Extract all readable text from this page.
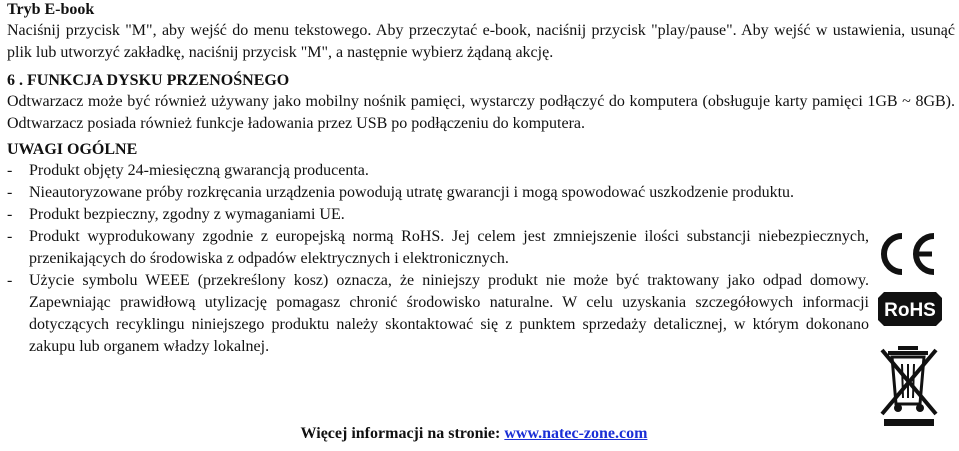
Tryb E-book
Naciśnij przycisk "M", aby wejść do menu tekstowego. Aby przeczytać e-book, naciśnij przycisk "play/pause". Aby wejść w ustawienia, usunąć plik lub utworzyć zakładkę, naciśnij przycisk "M", a następnie wybierz żądaną akcję.
6 . FUNKCJA DYSKU PRZENOŚNEGO
Odtwarzacz może być również używany jako mobilny nośnik pamięci, wystarczy podłączyć do komputera (obsługuje karty pamięci 1GB ~ 8GB). Odtwarzacz posiada również funkcje ładowania przez USB po podłączeniu do komputera.
UWAGI OGÓLNE
- Produkt objęty 24-miesięczną gwarancją producenta.
- Nieautoryzowane próby rozkręcania urządzenia powodują utratę gwarancji i mogą spowodować uszkodzenie produktu.
- Produkt bezpieczny, zgodny z wymaganiami UE.
- Produkt wyprodukowany zgodnie z europejską normą RoHS. Jej celem jest zmniejszenie ilości substancji niebezpiecznych, przenikających do środowiska z odpadów elektrycznych i elektronicznych.
- Użycie symbolu WEEE (przekreślony kosz) oznacza, że niniejszy produkt nie może być traktowany jako odpad domowy. Zapewniając prawidłową utylizację pomagasz chronić środowisko naturalne. W celu uzyskania szczegółowych informacji dotyczących recyklingu niniejszego produktu należy skontaktować się z punktem sprzedaży detalicznej, w którym dokonano zakupu lub organem władzy lokalnej.
RoHS
Więcej informacji na stronie: www.natec-zone.com
